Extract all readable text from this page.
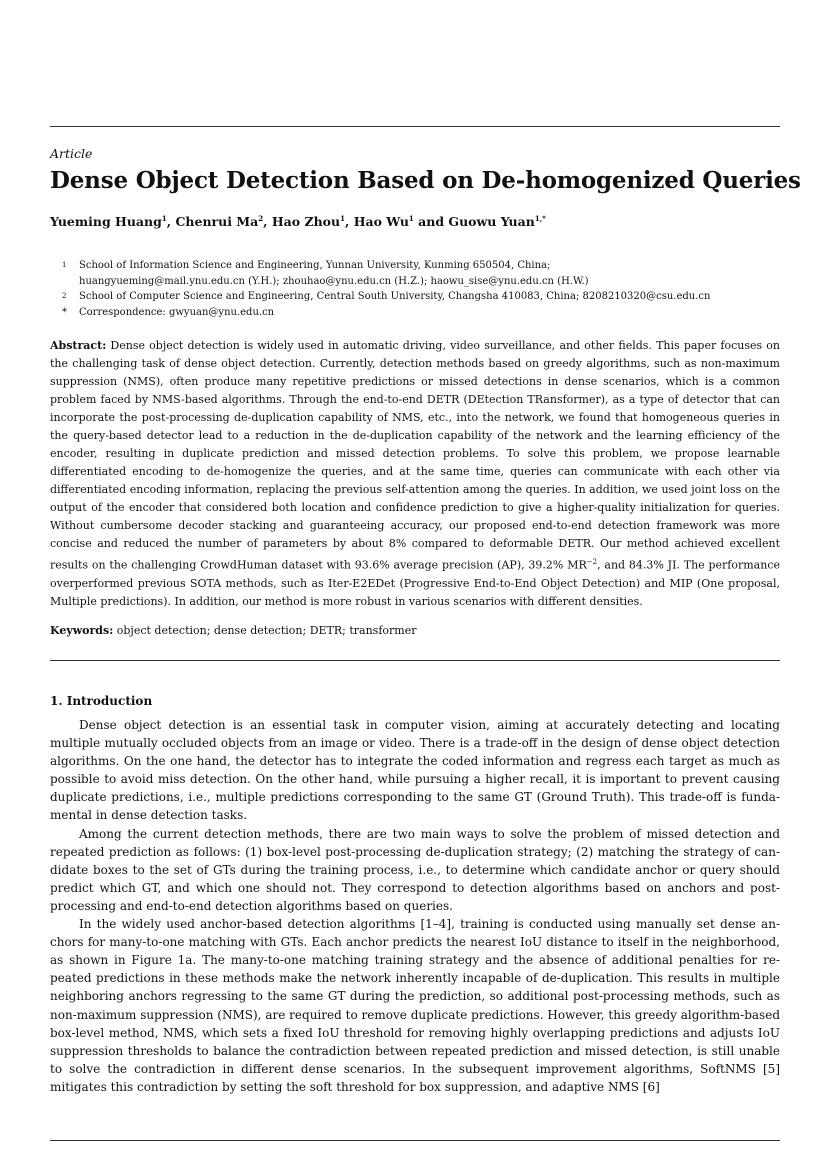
Article
Dense Object Detection Based on De-homogenized Queries
Yueming Huang$^1$, Chenrui Ma$^2$, Hao Zhou$^1$, Hao Wu$^1$ and Guowu Yuan$^{1,*}$
1 School of Information Science and Engineering, Yunnan University, Kunming 650504, China;
huangyueming@mail.ynu.edu.cn (Y.H.); zhouhao@ynu.edu.cn (H.Z.); haowu_sise@ynu.edu.cn (H.W.)
2 School of Computer Science and Engineering, Central South University, Changsha 410083, China; 8208210320@csu.edu.cn
* Correspondence: gwyuan@ynu.edu.cn

Abstract: Dense object detection is widely used in automatic driving, video surveillance, and other fields. This paper focuses on the challenging task of dense object detection. Currently, detection methods based on greedy algorithms, such as non-maximum suppression (NMS), often produce many repetitive predictions or missed detections in dense scenarios, which is a common problem faced by NMS-based algorithms. Through the end-to-end DETR (DEtection TRansformer), as a type of detector that can incorporate the post-processing de-duplication capability of NMS, etc., into the network, we found that homogeneous queries in the query-based detector lead to a reduction in the de-duplication capability of the network and the learning efficiency of the encoder, resulting in duplicate prediction and missed detection problems. To solve this problem, we propose learnable differentiated encoding to de-homogenize the queries, and at the same time, queries can communicate with each other via differentiated encoding information, replacing the previous self-attention among the queries. In addition, we used joint loss on the output of the encoder that considered both location and confidence prediction to give a higher-quality initialization for queries. Without cumbersome decoder stacking and guaranteeing accuracy, our proposed end-to-end detection framework was more concise and reduced the number of parameters by about 8% compared to deformable DETR. Our method achieved excellent results on the challenging CrowdHuman dataset with 93.6% average precision (AP), 39.2% $MR^{-2}$, and 84.3% JI. The performance overperformed previous SOTA methods, such as Iter-E2EDet (Progressive End-to-End Object Detection) and MIP (One proposal, Multiple predictions). In addition, our method is more robust in various scenarios with different densities.

Keywords: object detection; dense detection; DETR; transformer
1. Introduction

Dense object detection is an essential task in computer vision, aiming at accurately detecting and locating multiple mutually occluded objects from an image or video. There is a trade-off in the design of dense object detection algorithms. On the one hand, the detector has to integrate the coded information and regress each target as much as possible to avoid miss detection. On the other hand, while pursuing a higher recall, it is important to prevent causing duplicate predictions, i.e., multiple predictions corresponding to the same GT (Ground Truth). This trade-off is fundamental in dense detection tasks.

Among the current detection methods, there are two main ways to solve the problem of missed detection and repeated prediction as follows: (1) box-level post-processing de-duplication strategy; (2) matching the strategy of candidate boxes to the set of GTs during the training process, i.e., to determine which candidate anchor or query should predict which GT, and which one should not. They correspond to detection algorithms based on anchors and post-processing and end-to-end detection algorithms based on queries.

In the widely used anchor-based detection algorithms [1–4], training is conducted using manually set dense anchors for many-to-one matching with GTs. Each anchor predicts the nearest IoU distance to itself in the neighborhood, as shown in Figure 1a. The many-to-one matching training strategy and the absence of additional penalties for repeated predictions in these methods make the network inherently incapable of de-duplication. This results in multiple neighboring anchors regressing to the same GT during the prediction, so additional post-processing methods, such as non-maximum suppression (NMS), are required to remove duplicate predictions. However, this greedy algorithm-based box-level method, NMS, which sets a fixed IoU threshold for removing highly overlapping predictions and adjusts IoU suppression thresholds to balance the contradiction between repeated prediction and missed detection, is still unable to solve the contradiction in different dense scenarios. In the subsequent improvement algorithms, SoftNMS [5] mitigates this contradiction by setting the soft threshold for box suppression, and adaptive NMS [6]
